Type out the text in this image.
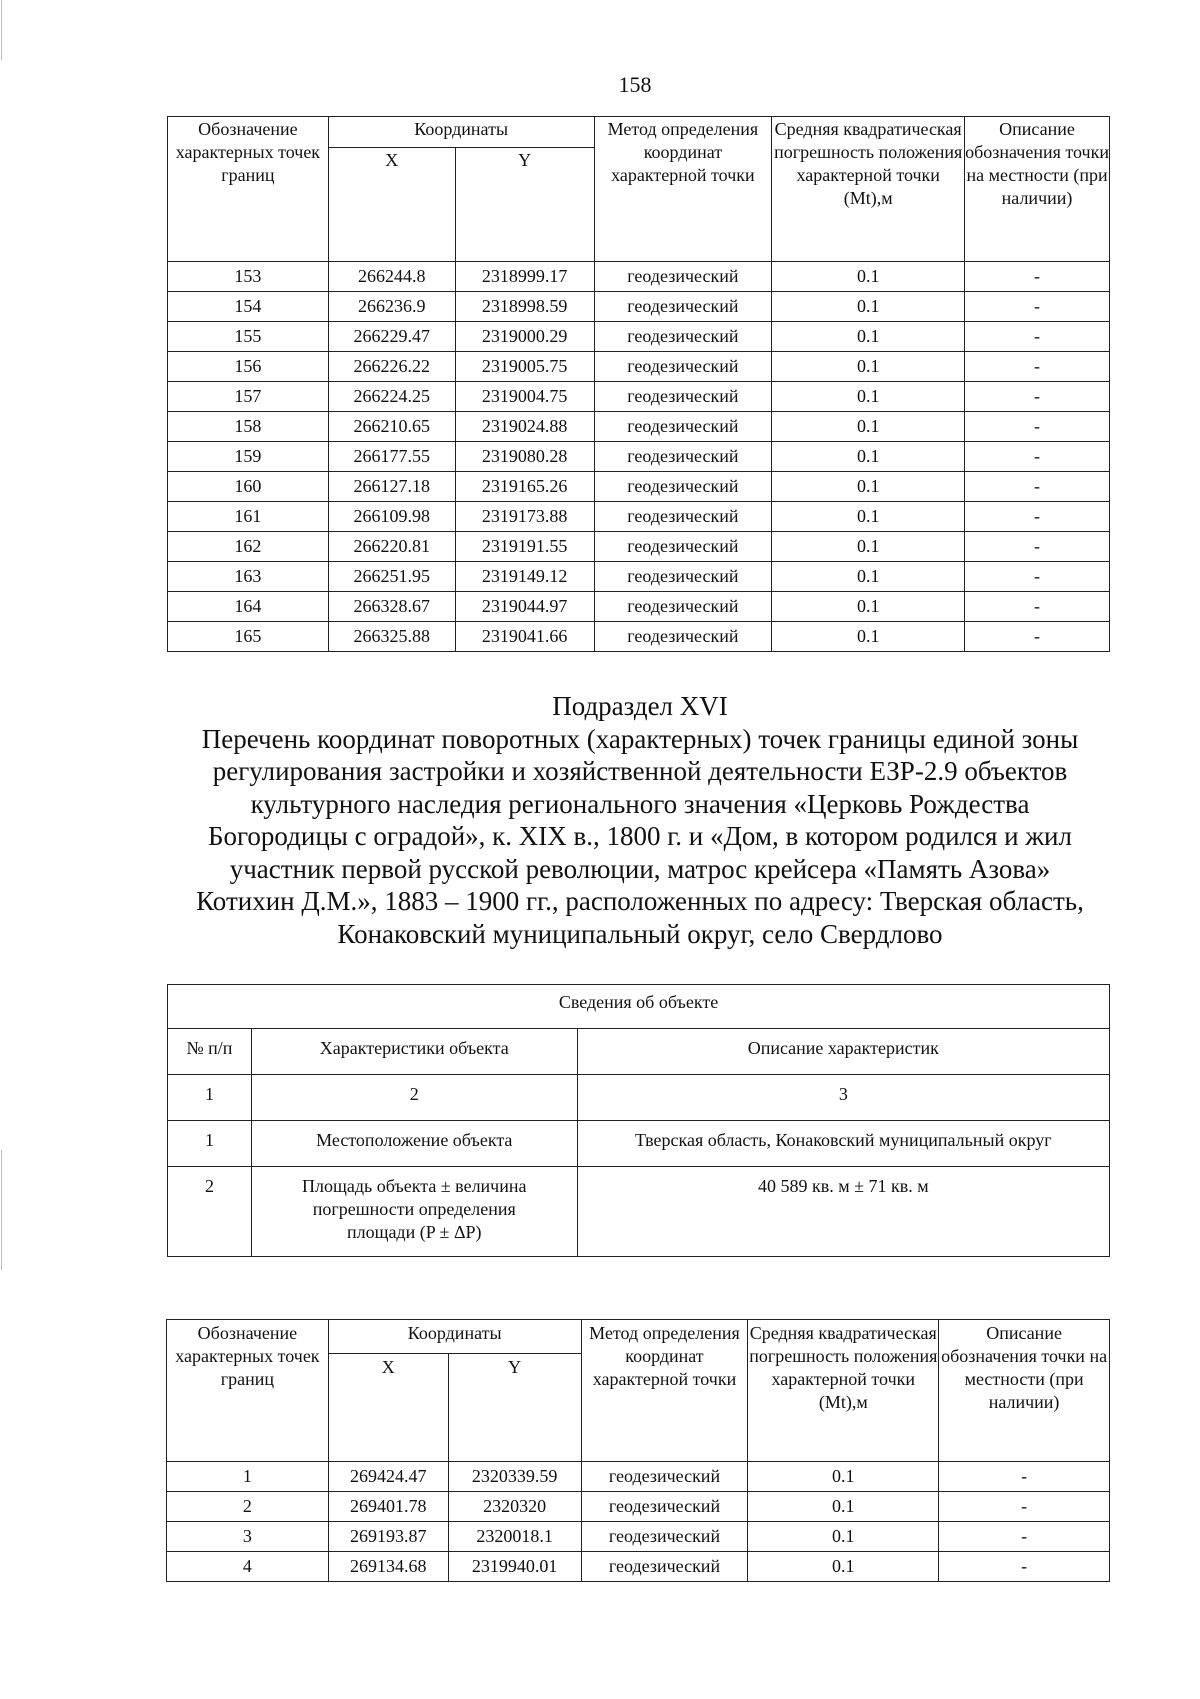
158
Обозначение характерных точек границ	Координаты		Метод определения координат характерной точки	Средняя квадратическая погрешность положения характерной точки (Mt),м	Описание обозначения точки на местности (при наличии)
	X	Y			
153	266244.8	2318999.17	геодезический	0.1	-
154	266236.9	2318998.59	геодезический	0.1	-
155	266229.47	2319000.29	геодезический	0.1	-
156	266226.22	2319005.75	геодезический	0.1	-
157	266224.25	2319004.75	геодезический	0.1	-
158	266210.65	2319024.88	геодезический	0.1	-
159	266177.55	2319080.28	геодезический	0.1	-
160	266127.18	2319165.26	геодезический	0.1	-
161	266109.98	2319173.88	геодезический	0.1	-
162	266220.81	2319191.55	геодезический	0.1	-
163	266251.95	2319149.12	геодезический	0.1	-
164	266328.67	2319044.97	геодезический	0.1	-
165	266325.88	2319041.66	геодезический	0.1	-
Подраздел XVI
Перечень координат поворотных (характерных) точек границы единой зоны
регулирования застройки и хозяйственной деятельности ЕЗР-2.9 объектов
культурного наследия регионального значения «Церковь Рождества
Богородицы с оградой», к. XIX в., 1800 г. и «Дом, в котором родился и жил
участник первой русской революции, матрос крейсера «Память Азова»
Котихин Д.М.», 1883 – 1900 гг., расположенных по адресу: Тверская область,
Конаковский муниципальный округ, село Свердлово
Сведения об объекте		
№ п/п	Характеристики объекта	Описание характеристик
1	2	3
1	Местоположение объекта	Тверская область, Конаковский муниципальный округ
2	Площадь объекта ± величина погрешности определения площади (P ± ΔP)	40 589 кв. м ± 71 кв. м
Обозначение характерных точек границ	Координаты		Метод определения координат характерной точки	Средняя квадратическая погрешность положения характерной точки (Mt),м	Описание обозначения точки на местности (при наличии)
	X	Y			
1	269424.47	2320339.59	геодезический	0.1	-
2	269401.78	2320320	геодезический	0.1	-
3	269193.87	2320018.1	геодезический	0.1	-
4	269134.68	2319940.01	геодезический	0.1	-
